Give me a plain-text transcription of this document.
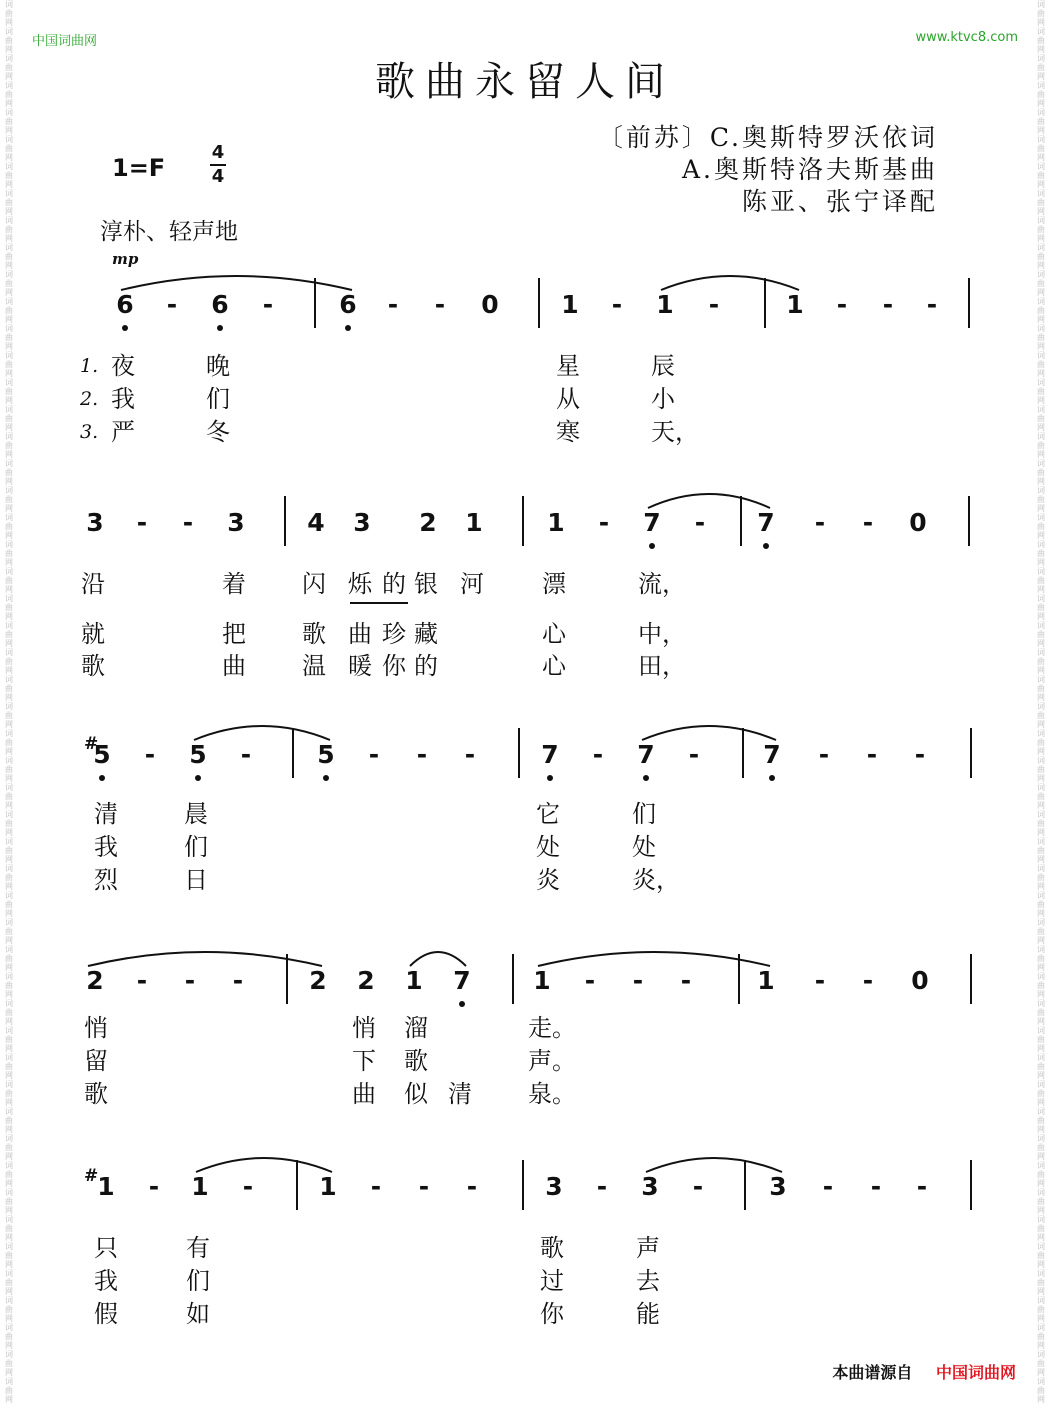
词
曲
网
词
曲
网
词
曲
网
词
曲
网
词
曲
网
词
曲
网
词
曲
网
词
曲
网
词
曲
网
词
曲
网
词
曲
网
词
曲
网
词
曲
网
词
曲
网
词
曲
网
词
曲
网
词
曲
网
词
曲
网
词
曲
网
词
曲
网
词
曲
网
词
曲
网
词
曲
网
词
曲
网
词
曲
网
词
曲
网
词
曲
网
词
曲
网
词
曲
网
词
曲
网
词
曲
网
词
曲
网
词
曲
网
词
曲
网
词
曲
网
词
曲
网
词
曲
网
词
曲
网
词
曲
网
词
曲
网
词
曲
网
词
曲
网
词
曲
网
词
曲
网
词
曲
网
词
曲
网
词
曲
网
词
曲
网
词
曲
网
词
曲
网
词
曲
网
词
曲
网
词
曲
网
词
曲
网
词
曲
网
词
曲
网
词
曲
网
词
曲
网
词
曲
网
词
曲
网
词
曲
网
词
曲
网
词
曲
网
词
曲
网
词
曲
网
词
曲
网
词
曲
网
词
曲
网
词
曲
网
词
曲
网
词
曲
网
词
曲
网
词
曲
网
词
曲
网
词
曲
网
词
曲
网
词
曲
网
词
曲
网
词
曲
网
词
曲
网
词
曲
网
词
曲
网
词
曲
网
词
曲
网
词
曲
网
词
曲
网
词
曲
网
词
曲
网
词
曲
网
词
曲
网
词
曲
网
词
曲
网
词
曲
网
词
曲
网
词
曲
网
词
曲
网
词
曲
网
词
曲
网
词
曲
网
词
曲
网
词
曲
网
词
曲
网
词
曲
网
词
曲
网
中国词曲网	www.ktvc8.com
歌曲永留人间
〔前苏〕C.奥斯特罗沃依词
A.奥斯特洛夫斯基曲
陈亚、张宁译配
1=F
4
4
淳朴、轻声地
mp
6	-	6	-	6	-	-	0	1	-	1	-	1	-	-	-
1. 夜	晚	星	辰
2. 我	们	从	小
3. 严	冬	寒	天，
3	-	-	3	4 3 2 1	1	-	7	-	7	-	-	0
沿	着	闪 烁 的 银 河	漂	流，
就	把	歌 曲 珍 藏	心	中，
歌	曲	温 暖 你 的	心	田，
#
5	-	5	-	5	-	-	-	7	-	7	-	7	-	-	-
清	晨	它	们
我	们	处	处
烈	日	炎	炎，
2	-	-	-	2 2 1 7	1	-	-	-	1	-	-	0
悄	悄	溜	走。
留	下	歌	声。
歌	曲	似 清	泉。
# 1	-	1	-	1	-	-	-	3	-	3	-	3	-	-	-
只	有	歌	声
我	们	过	去
假	如	你	能
本曲谱源自 中国词曲网
